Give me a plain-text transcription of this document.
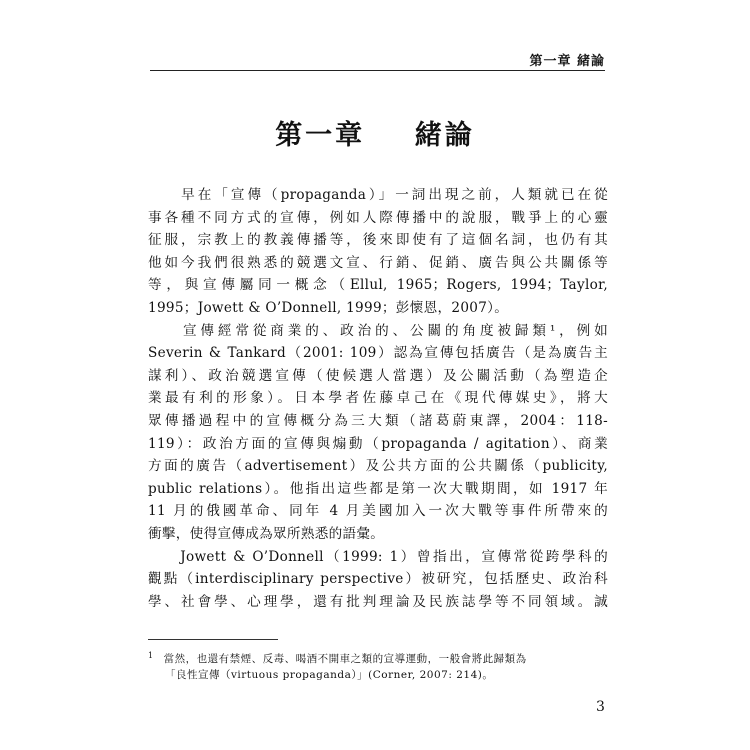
第一章 緒論
第一章    緒論
　　早在「宣傳（propaganda）」一詞出現之前，人類就已在從
事各種不同方式的宣傳，例如人際傳播中的說服，戰爭上的心靈
征服，宗教上的教義傳播等，後來即使有了這個名詞，也仍有其
他如今我們很熟悉的競選文宣、行銷、促銷、廣告與公共關係等
等，與宣傳屬同一概念（Ellul, 1965；Rogers, 1994；Taylor,
1995；Jowett & O’Donnell, 1999；彭懷恩，2007）。
　　宣傳經常從商業的、政治的、公關的角度被歸類¹，例如
Severin & Tankard（2001: 109）認為宣傳包括廣告（是為廣告主
謀利）、政治競選宣傳（使候選人當選）及公關活動（為塑造企
業最有利的形象）。日本學者佐藤卓己在《現代傳媒史》，將大
眾傳播過程中的宣傳概分為三大類（諸葛蔚東譯，2004：118-
119）：政治方面的宣傳與煽動（propaganda / agitation）、商業
方面的廣告（advertisement）及公共方面的公共關係（publicity,
public relations）。他指出這些都是第一次大戰期間，如 1917 年
11 月的俄國革命、同年 4 月美國加入一次大戰等事件所帶來的
衝擊，使得宣傳成為眾所熟悉的語彙。
　　Jowett & O’Donnell（1999: 1）曾指出，宣傳常從跨學科的
觀點（interdisciplinary perspective）被研究，包括歷史、政治科
學、社會學、心理學，還有批判理論及民族誌學等不同領域。誠
$^1$ 當然，也還有禁煙、反毒、喝酒不開車之類的宣導運動，一般會將此歸類為
「良性宣傳（virtuous propaganda）」(Corner, 2007: 214)。
3
